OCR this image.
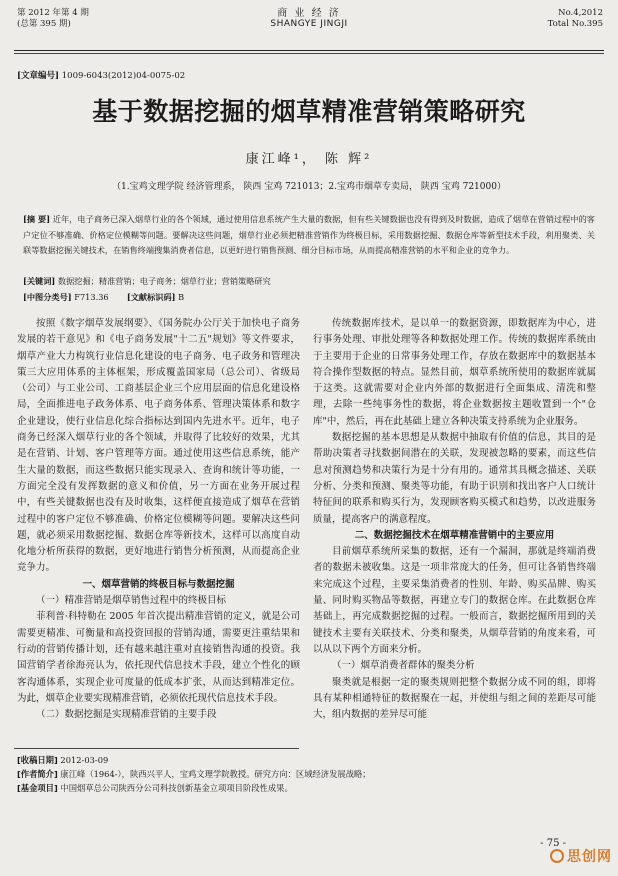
第 2012 年第 4 期
(总第 395 期)
商 业 经 济
SHANGYE JINGJI
No.4,2012
Total No.395
[文章编号] 1009-6043(2012)04-0075-02
基于数据挖掘的烟草精准营销策略研究
康江峰¹， 陈 辉²
（1.宝鸡文理学院 经济管理系， 陕西 宝鸡 721013；2.宝鸡市烟草专卖局， 陕西 宝鸡 721000）
[摘 要] 近年，电子商务已深入烟草行业的各个领域，通过使用信息系统产生大量的数据，但有些关键数据也没有得到及时数据，造成了烟草在营销过程中的客户定位不够准确、价格定位模糊等问题。要解决这些问题，烟草行业必须把精准营销作为终极目标，采用数据挖掘、数据仓库等新型技术手段，利用聚类、关联等数据挖掘关键技术，在销售终端搜集消费者信息，以更好进行销售预测、细分目标市场，从而提高精准营销的水平和企业的竞争力。
[关键词] 数据挖掘；精准营销；电子商务；烟草行业；营销策略研究
[中图分类号] F713.36 [文献标识码] B

按照《数字烟草发展纲要》、《国务院办公厅关于加快电子商务发展的若干意见》和《电子商务发展"十二五"规划》等文件要求，烟草产业大力构筑行业信息化建设的电子商务、电子政务和管理决策三大应用体系的主体框架，形成覆盖国家局（总公司）、省级局（公司）与工业公司、工商基层企业三个应用层面的信息化建设格局，全面推进电子政务体系、电子商务体系、管理决策体系和数字企业建设，使行业信息化综合指标达到国内先进水平。近年，电子商务已经深入烟草行业的各个领域，并取得了比较好的效果，尤其是在营销、计划、客户管理等方面。通过使用这些信息系统，能产生大量的数据，而这些数据只能实现录入、查询和统计等功能，一方面完全没有发挥数据的意义和价值，另一方面在业务开展过程中，有些关键数据也没有及时收集，这样便直接造成了烟草在营销过程中的客户定位不够准确、价格定位模糊等问题。要解决这些问题，就必须采用数据挖掘、数据仓库等新技术，这样可以高度自动化地分析所获得的数据，更好地进行销售分析预测，从而提高企业竞争力。

一、烟草营销的终极目标与数据挖掘

（一）精准营销是烟草销售过程中的终极目标

菲利普·科特勒在 2005 年首次提出精准营销的定义，就是公司需要更精准、可衡量和高投资回报的营销沟通，需要更注重结果和行动的营销传播计划，还有越来越注重对直接销售沟通的投资。我国营销学者徐海亮认为，依托现代信息技术手段，建立个性化的顾客沟通体系，实现企业可度量的低成本扩张，从而达到精准定位。为此，烟草企业要实现精准营销，必须依托现代信息技术手段。

（二）数据挖掘是实现精准营销的主要手段

传统数据库技术，是以单一的数据资源，即数据库为中心，进行事务处理、审批处理等各种数据处理工作。传统的数据库系统由于主要用于企业的日常事务处理工作，存放在数据库中的数据基本符合操作型数据的特点。显然目前，烟草系统所使用的数据库就属于这类。这就需要对企业内外部的数据进行全面集成、清洗和整理，去除一些纯事务性的数据，将企业数据按主题收置到一个"仓库"中，然后，再在此基础上建立各种决策支持系统为企业服务。

数据挖掘的基本思想是从数据中抽取有价值的信息，其目的是帮助决策者寻找数据间潜在的关联，发现被忽略的要素，而这些信息对预测趋势和决策行为是十分有用的。通常其具概念描述、关联分析、分类和预测、聚类等功能，有助于识别和找出客户人口统计特征间的联系和购买行为，发现顾客购买模式和趋势，以改进服务质量，提高客户的满意程度。

二、数据挖掘技术在烟草精准营销中的主要应用

目前烟草系统所采集的数据，还有一个漏洞，那就是终端消费者的数据未被收集。这是一项非常庞大的任务，但可让各销售终端来完成这个过程，主要采集消费者的性别、年龄、购买品牌、购买量、同时购买物品等数据，再建立专门的数据仓库。在此数据仓库基础上，再完成数据挖掘的过程。一般而言，数据挖掘所用到的关键技术主要有关联技术、分类和聚类，从烟草营销的角度来看，可以从以下两个方面来分析。

（一）烟草消费者群体的聚类分析

聚类就是根据一定的聚类规则把整个数据分成不同的组，即将具有某种相通特征的数据聚在一起，并使组与组之间的差距尽可能大，组内数据的差异尽可能

[收稿日期] 2012-03-09
[作者简介] 康江峰（1964-），陕西兴平人，宝鸡文理学院教授。研究方向：区域经济发展战略；
[基金项目] 中国烟草总公司陕西分公司科技创新基金立项项目阶段性成果。
- 75 -
思创网
